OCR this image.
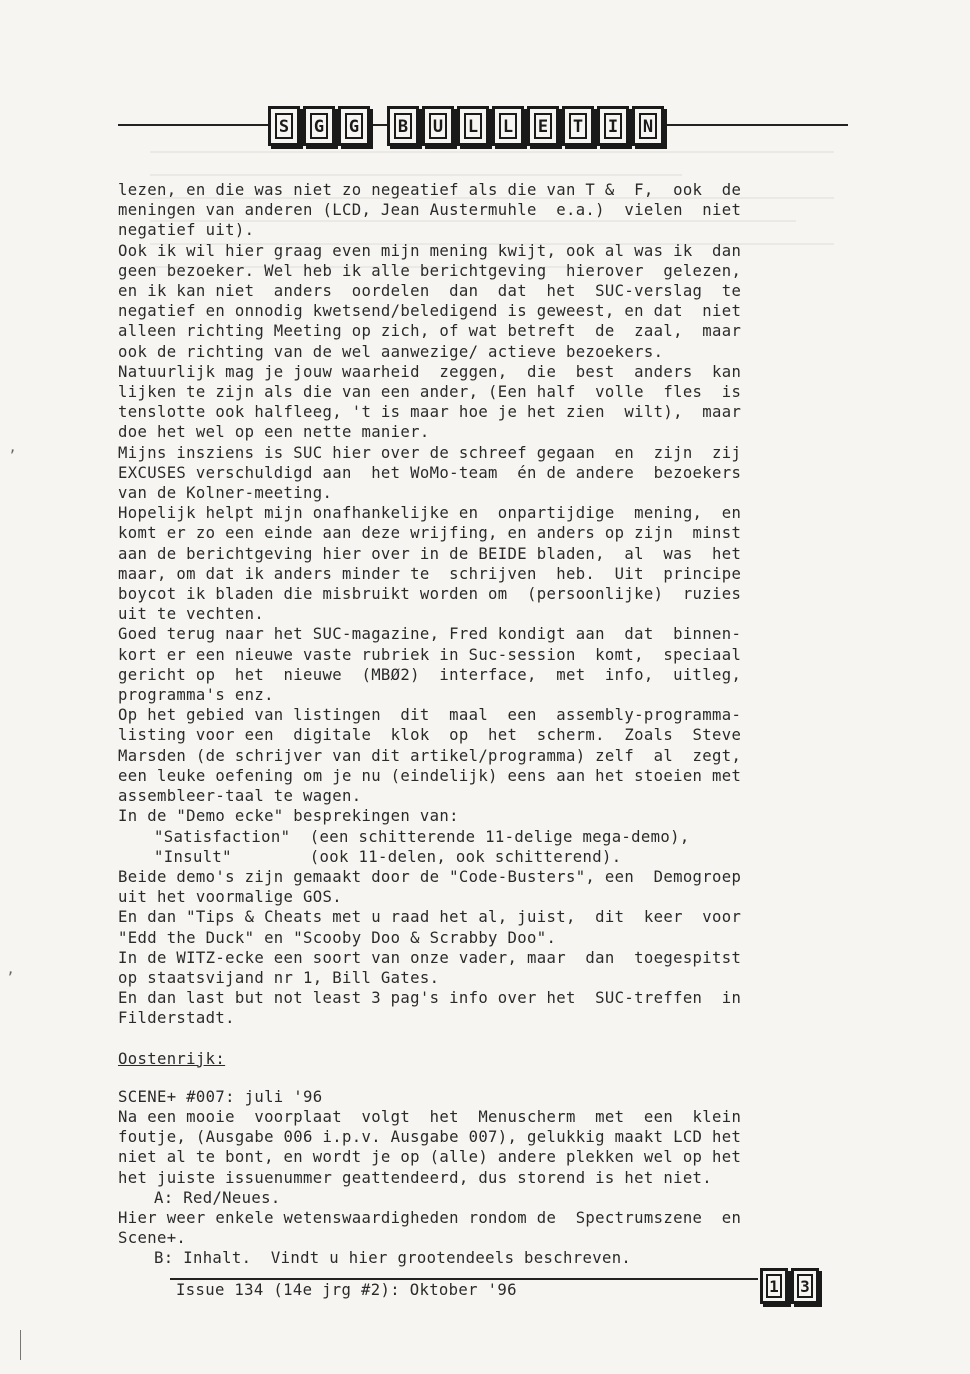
S G G B U L L E T I N
lezen, en die was niet zo negeatief als die van T &  F,  ook  de
meningen van anderen (LCD, Jean Austermuhle  e.a.)  vielen  niet
negatief uit).
Ook ik wil hier graag even mijn mening kwijt, ook al was ik  dan
geen bezoeker. Wel heb ik alle berichtgeving  hierover  gelezen,
en ik kan niet  anders  oordelen  dan  dat  het  SUC-verslag  te
negatief en onnodig kwetsend/beledigend is geweest, en dat  niet
alleen richting Meeting op zich, of wat betreft  de  zaal,  maar
ook de richting van de wel aanwezige/ actieve bezoekers.
Natuurlijk mag je jouw waarheid  zeggen,  die  best  anders  kan
lijken te zijn als die van een ander, (Een half  volle  fles  is
tenslotte ook halfleeg, 't is maar hoe je het zien  wilt),  maar
doe het wel op een nette manier.
Mijns insziens is SUC hier over de schreef gegaan  en  zijn  zij
EXCUSES verschuldigd aan  het WoMo-team  én de andere  bezoekers
van de Kolner-meeting.
Hopelijk helpt mijn onafhankelijke en  onpartijdige  mening,  en
komt er zo een einde aan deze wrijfing, en anders op zijn  minst
aan de berichtgeving hier over in de BEIDE bladen,  al  was  het
maar, om dat ik anders minder te  schrijven  heb.  Uit  principe
boycot ik bladen die misbruikt worden om  (persoonlijke)  ruzies
uit te vechten.
Goed terug naar het SUC-magazine, Fred kondigt aan  dat  binnen-
kort er een nieuwe vaste rubriek in Suc-session  komt,  speciaal
gericht op  het  nieuwe  (MBØ2)  interface,  met  info,  uitleg,
programma's enz.
Op het gebied van listingen  dit  maal  een  assembly-programma-
listing voor een  digitale  klok  op  het  scherm.  Zoals  Steve
Marsden (de schrijver van dit artikel/programma) zelf  al  zegt,
een leuke oefening om je nu (eindelijk) eens aan het stoeien met
assembleer-taal te wagen.
In de "Demo ecke" besprekingen van:
"Satisfaction"  (een schitterende 11-delige mega-demo),
"Insult"        (ook 11-delen, ook schitterend).
Beide demo's zijn gemaakt door de "Code-Busters", een  Demogroep
uit het voormalige GOS.
En dan "Tips & Cheats met u raad het al, juist,  dit  keer  voor
"Edd the Duck" en "Scooby Doo & Scrabby Doo".
In de WITZ-ecke een soort van onze vader, maar  dan  toegespitst
op staatsvijand nr 1, Bill Gates.
En dan last but not least 3 pag's info over het  SUC-treffen  in
Filderstadt.
Oostenrijk:
SCENE+ #007: juli '96
Na een mooie  voorplaat  volgt  het  Menuscherm  met  een  klein
foutje, (Ausgabe 006 i.p.v. Ausgabe 007), gelukkig maakt LCD het
niet al te bont, en wordt je op (alle) andere plekken wel op het
het juiste issuenummer geattendeerd, dus storend is het niet.
A: Red/Neues.
Hier weer enkele wetenswaardigheden rondom de  Spectrumszene  en
Scene+.
B: Inhalt.  Vindt u hier grootendeels beschreven.
Issue 134 (14e jrg #2): Oktober '96	1 3
ʼ
ʼ
